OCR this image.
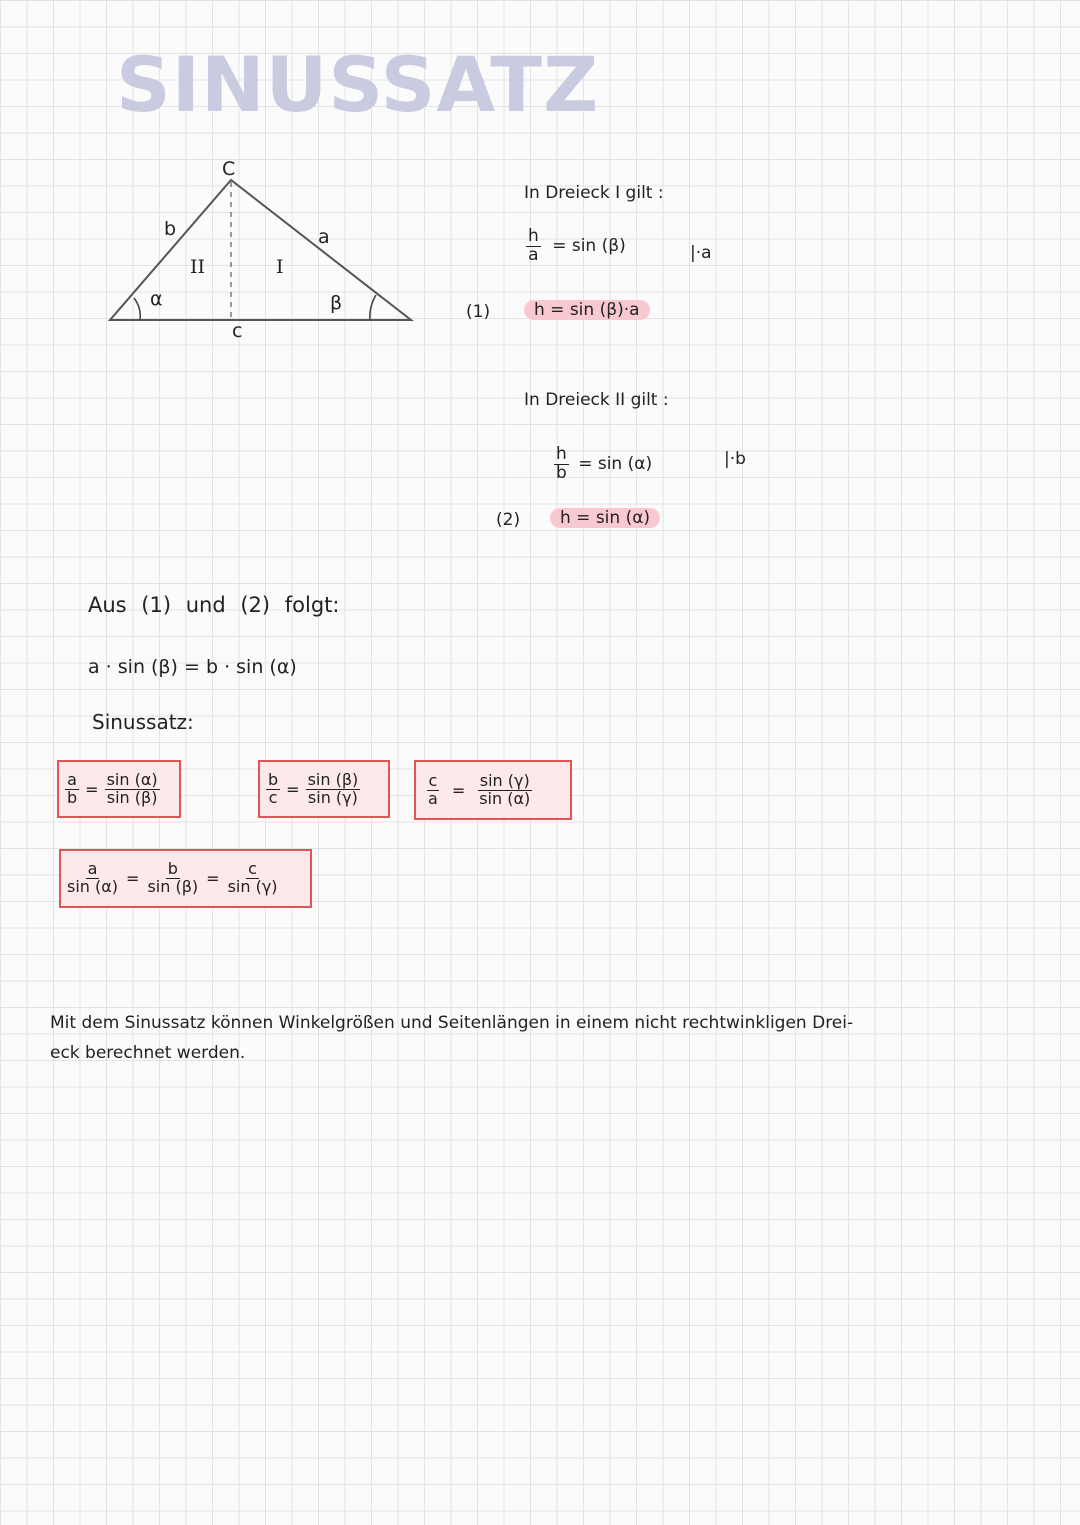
SINUSSATZ
C
b	a
c
α	β
II	I
In Dreieck I gilt :
$\frac{h}{a} = \sin (\beta)$	|·a
(1)	h = sin (β)·a
In Dreieck II gilt :
$\frac{h}{b} = \sin (\alpha)$	|·b
(2)	h = sin (α)
Aus (1) und (2) folgt:
a · sin (β) = b · sin (α)
Sinussatz:
$\frac{a}{b} = \frac{\sin (\alpha)}{\sin (\beta)}$	$\frac{b}{c} = \frac{\sin (\beta)}{\sin (\gamma)}$	$\frac{c}{a} = \frac{\sin (\gamma)}{\sin (\alpha)}$
$\frac{a}{\sin (\alpha)} = \frac{b}{\sin (\beta)} = \frac{c}{\sin (\gamma)}$
Mit dem Sinussatz können Winkelgrößen und Seitenlängen in einem nicht rechtwinkligen Drei-
eck berechnet werden.
